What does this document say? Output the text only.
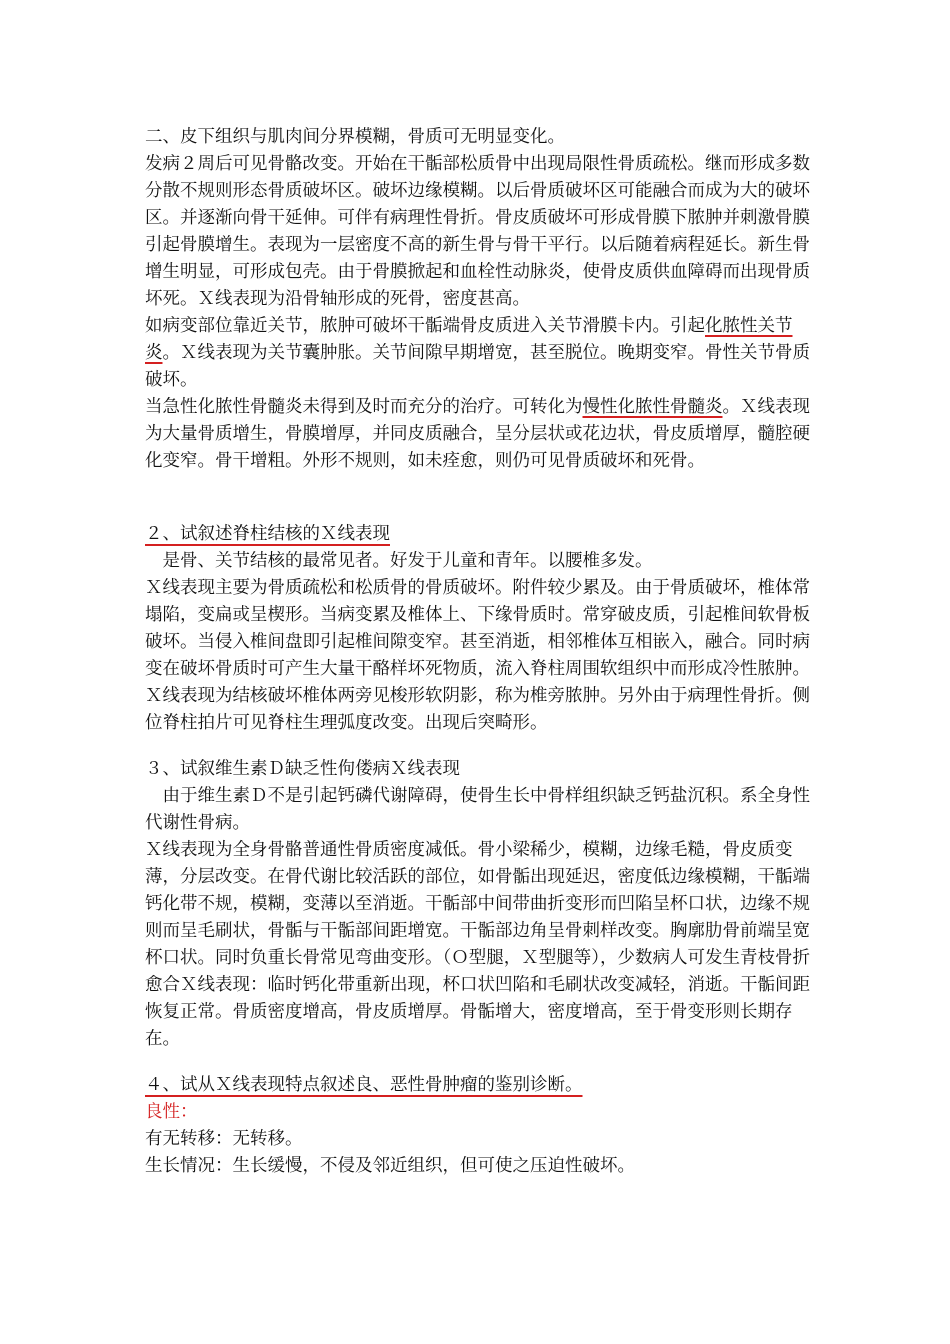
二、皮下组织与肌肉间分界模糊，骨质可无明显变化。

发病２周后可见骨骼改变。开始在干骺部松质骨中出现局限性骨质疏松。继而形成多数分散不规则形态骨质破坏区。破坏边缘模糊。以后骨质破坏区可能融合而成为大的破坏区。并逐渐向骨干延伸。可伴有病理性骨折。骨皮质破坏可形成骨膜下脓肿并刺激骨膜引起骨膜增生。表现为一层密度不高的新生骨与骨干平行。以后随着病程延长。新生骨增生明显，可形成包壳。由于骨膜掀起和血栓性动脉炎，使骨皮质供血障碍而出现骨质坏死。Ｘ线表现为沿骨轴形成的死骨，密度甚高。

如病变部位靠近关节，脓肿可破坏干骺端骨皮质进入关节滑膜卡内。引起化脓性关节炎。Ｘ线表现为关节囊肿胀。关节间隙早期增宽，甚至脱位。晚期变窄。骨性关节骨质破坏。

当急性化脓性骨髓炎未得到及时而充分的治疗。可转化为慢性化脓性骨髓炎。Ｘ线表现为大量骨质增生，骨膜增厚，并同皮质融合，呈分层状或花边状，骨皮质增厚，髓腔硬化变窄。骨干增粗。外形不规则，如未痊愈，则仍可见骨质破坏和死骨。

２、试叙述脊柱结核的Ｘ线表现

　是骨、关节结核的最常见者。好发于儿童和青年。以腰椎多发。

Ｘ线表现主要为骨质疏松和松质骨的骨质破坏。附件较少累及。由于骨质破坏，椎体常塌陷，变扁或呈楔形。当病变累及椎体上、下缘骨质时。常穿破皮质，引起椎间软骨板破坏。当侵入椎间盘即引起椎间隙变窄。甚至消逝，相邻椎体互相嵌入，融合。同时病变在破坏骨质时可产生大量干酪样坏死物质，流入脊柱周围软组织中而形成冷性脓肿。Ｘ线表现为结核破坏椎体两旁见梭形软阴影，称为椎旁脓肿。另外由于病理性骨折。侧位脊柱拍片可见脊柱生理弧度改变。出现后突畸形。

３、试叙维生素Ｄ缺乏性佝偻病Ｘ线表现

　由于维生素Ｄ不是引起钙磷代谢障碍，使骨生长中骨样组织缺乏钙盐沉积。系全身性代谢性骨病。

Ｘ线表现为全身骨骼普通性骨质密度减低。骨小梁稀少，模糊，边缘毛糙，骨皮质变薄，分层改变。在骨代谢比较活跃的部位，如骨骺出现延迟，密度低边缘模糊，干骺端钙化带不规，模糊，变薄以至消逝。干骺部中间带曲折变形而凹陷呈杯口状，边缘不规则而呈毛刷状，骨骺与干骺部间距增宽。干骺部边角呈骨刺样改变。胸廓肋骨前端呈宽杯口状。同时负重长骨常见弯曲变形。（Ｏ型腿，Ｘ型腿等），少数病人可发生青枝骨折愈合Ｘ线表现：临时钙化带重新出现，杯口状凹陷和毛刷状改变减轻，消逝。干骺间距恢复正常。骨质密度增高，骨皮质增厚。骨骺增大，密度增高，至于骨变形则长期存在。

４、试从Ｘ线表现特点叙述良、恶性骨肿瘤的鉴别诊断。

良性：

有无转移：无转移。

生长情况：生长缓慢，不侵及邻近组织，但可使之压迫性破坏。
